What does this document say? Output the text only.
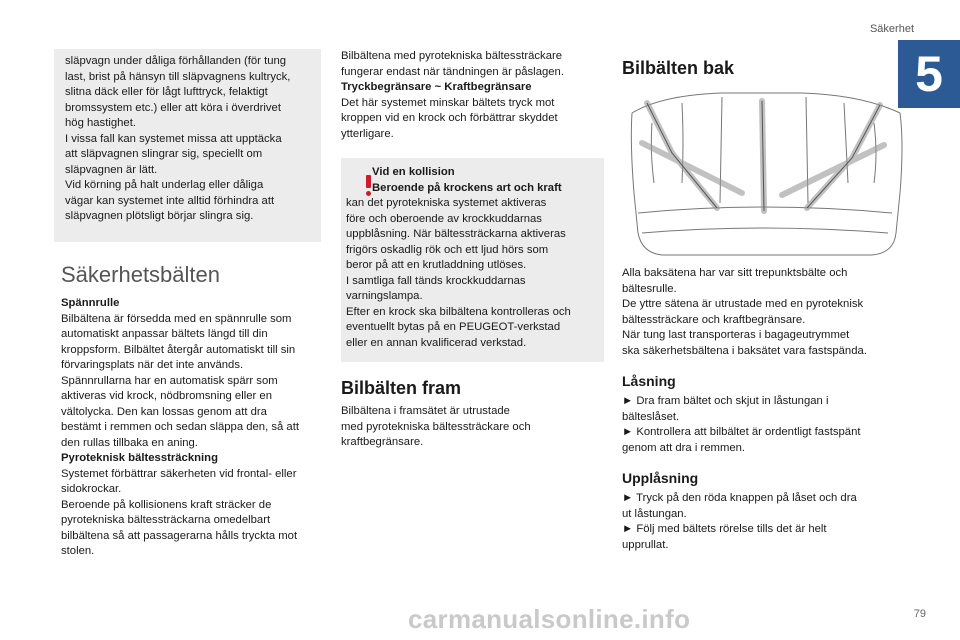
Säkerhet
5

släpvagn under dåliga förhållanden (för tung

last, brist på hänsyn till släpvagnens kultryck,

slitna däck eller för lågt lufttryck, felaktigt

bromssystem etc.) eller att köra i överdrivet

hög hastighet.

I vissa fall kan systemet missa att upptäcka

att släpvagnen slingrar sig, speciellt om

släpvagnen är lätt.

Vid körning på halt underlag eller dåliga

vägar kan systemet inte alltid förhindra att

släpvagnen plötsligt börjar slingra sig.

Säkerhetsbälten

Spännrulle

Bilbältena är försedda med en spännrulle som

automatiskt anpassar bältets längd till din

kroppsform. Bilbältet återgår automatiskt till sin

förvaringsplats när det inte används.

Spännrullarna har en automatisk spärr som

aktiveras vid krock, nödbromsning eller en

vältolycka. Den kan lossas genom att dra

bestämt i remmen och sedan släppa den, så att

den rullas tillbaka en aning.

Pyroteknisk bältessträckning

Systemet förbättrar säkerheten vid frontal- eller

sidokrockar.

Beroende på kollisionens kraft sträcker de

pyrotekniska bältessträckarna omedelbart

bilbältena så att passagerarna hålls tryckta mot

stolen.

Bilbältena med pyrotekniska bältessträckare

fungerar endast när tändningen är påslagen.

Tryckbegränsare ~ Kraftbegränsare

Det här systemet minskar bältets tryck mot

kroppen vid en krock och förbättrar skyddet

ytterligare.

Vid en kollision

Beroende på krockens art och kraft

kan det pyrotekniska systemet aktiveras

före och oberoende av krockkuddarnas

uppblåsning. När bältessträckarna aktiveras

frigörs oskadlig rök och ett ljud hörs som

beror på att en krutladdning utlöses.

I samtliga fall tänds krockkuddarnas

varningslampa.

Efter en krock ska bilbältena kontrolleras och

eventuellt bytas på en PEUGEOT-verkstad

eller en annan kvalificerad verkstad.

Bilbälten fram

Bilbältena i framsätet är utrustade

med pyrotekniska bältessträckare och

kraftbegränsare.

Bilbälten bak

Alla baksätena har var sitt trepunktsbälte och

bältesrulle.

De yttre sätena är utrustade med en pyroteknisk

bältessträckare och kraftbegränsare.

När tung last transporteras i bagageutrymmet

ska säkerhetsbältena i baksätet vara fastspända.

Låsning

► Dra fram bältet och skjut in låstungan i

bälteslåset.

► Kontrollera att bilbältet är ordentligt fastspänt

genom att dra i remmen.

Upplåsning

► Tryck på den röda knappen på låset och dra

ut låstungan.

► Följ med bältets rörelse tills det är helt

upprullat.

carmanualsonline.info	79
